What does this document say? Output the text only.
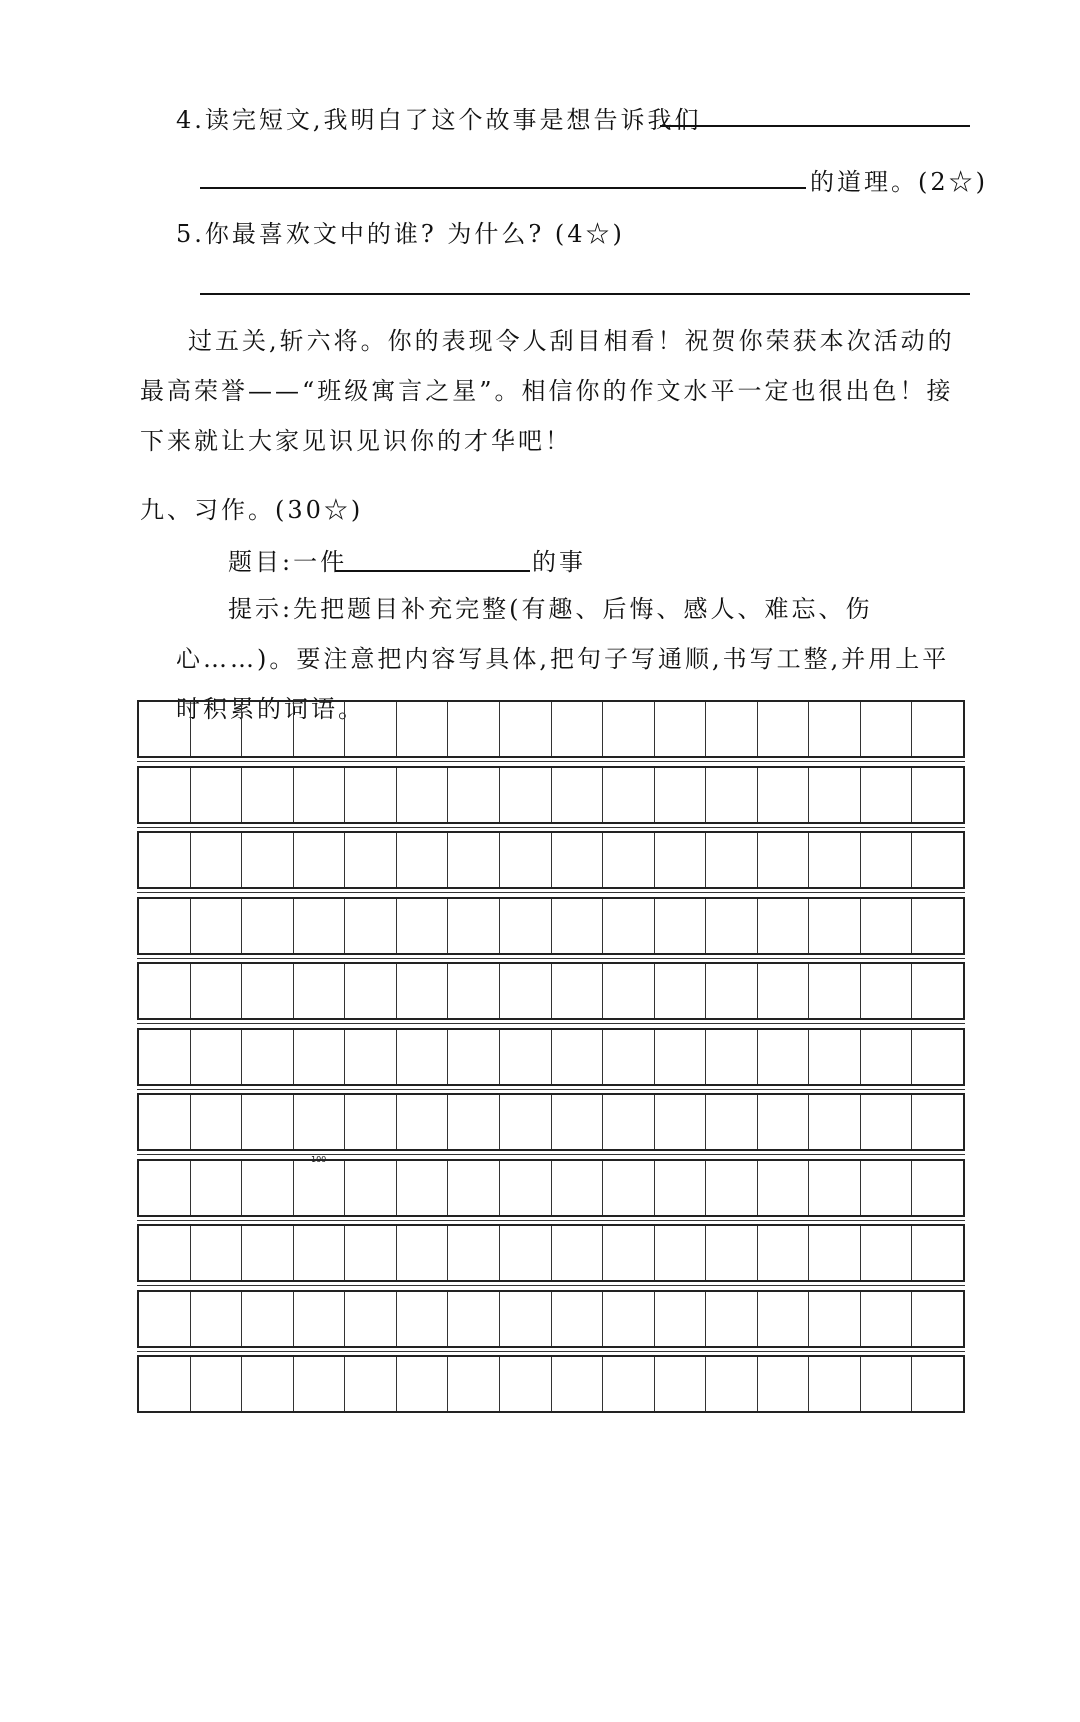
4.读完短文,我明白了这个故事是想告诉我们
的道理。(2☆)
5.你最喜欢文中的谁? 为什么? (4☆)
过五关,斩六将。你的表现令人刮目相看！祝贺你荣获本次活动的最高荣誉——“班级寓言之星”。相信你的作文水平一定也很出色！接下来就让大家见识见识你的才华吧！
九、习作。(30☆)
题目:一件	的事
提示:先把题目补充完整(有趣、后悔、感人、难忘、伤心……)。要注意把内容写具体,把句子写通顺,书写工整,并用上平时积累的词语。
100
